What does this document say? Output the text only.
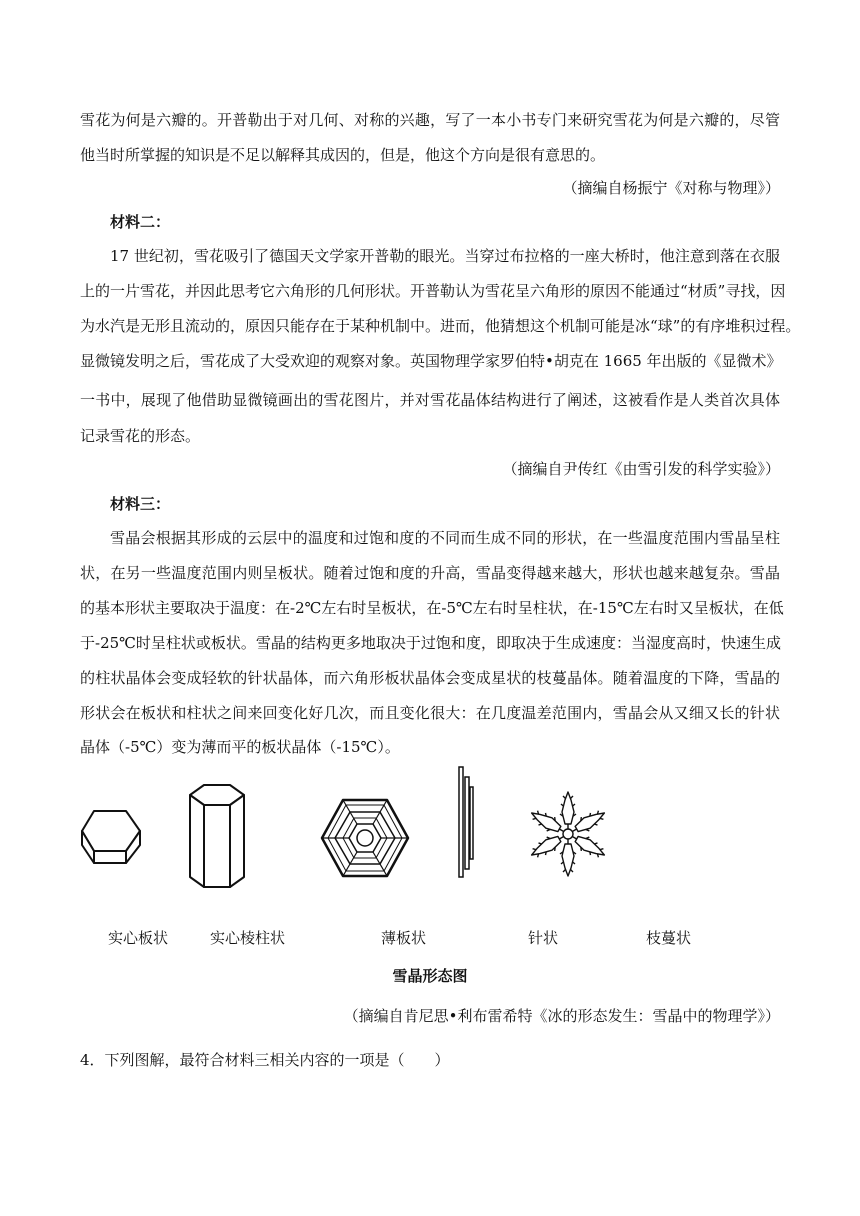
雪花为何是六瓣的。开普勒出于对几何、对称的兴趣，写了一本小书专门来研究雪花为何是六瓣的，尽管
他当时所掌握的知识是不足以解释其成因的，但是，他这个方向是很有意思的。
（摘编自杨振宁《对称与物理》）
材料二：
17 世纪初，雪花吸引了德国天文学家开普勒的眼光。当穿过布拉格的一座大桥时，他注意到落在衣服
上的一片雪花，并因此思考它六角形的几何形状。开普勒认为雪花呈六角形的原因不能通过“材质”寻找，因
为水汽是无形且流动的，原因只能存在于某种机制中。进而，他猜想这个机制可能是冰“球”的有序堆积过程。
显微镜发明之后，雪花成了大受欢迎的观察对象。英国物理学家罗伯特•胡克在 1665 年出版的《显微术》
一书中，展现了他借助显微镜画出的雪花图片，并对雪花晶体结构进行了阐述，这被看作是人类首次具体
记录雪花的形态。
（摘编自尹传红《由雪引发的科学实验》）
材料三：
雪晶会根据其形成的云层中的温度和过饱和度的不同而生成不同的形状，在一些温度范围内雪晶呈柱
状，在另一些温度范围内则呈板状。随着过饱和度的升高，雪晶变得越来越大，形状也越来越复杂。雪晶
的基本形状主要取决于温度：在-2℃左右时呈板状，在-5℃左右时呈柱状，在-15℃左右时又呈板状，在低
于-25℃时呈柱状或板状。雪晶的结构更多地取决于过饱和度，即取决于生成速度：当湿度高时，快速生成
的柱状晶体会变成轻软的针状晶体，而六角形板状晶体会变成星状的枝蔓晶体。随着温度的下降，雪晶的
形状会在板状和柱状之间来回变化好几次，而且变化很大：在几度温差范围内，雪晶会从又细又长的针状
晶体（-5℃）变为薄而平的板状晶体（-15℃）。
实心板状	实心棱柱状	薄板状	针状	枝蔓状
雪晶形态图
（摘编自肯尼思•利布雷希特《冰的形态发生：雪晶中的物理学》）
4．下列图解，最符合材料三相关内容的一项是（　　）
